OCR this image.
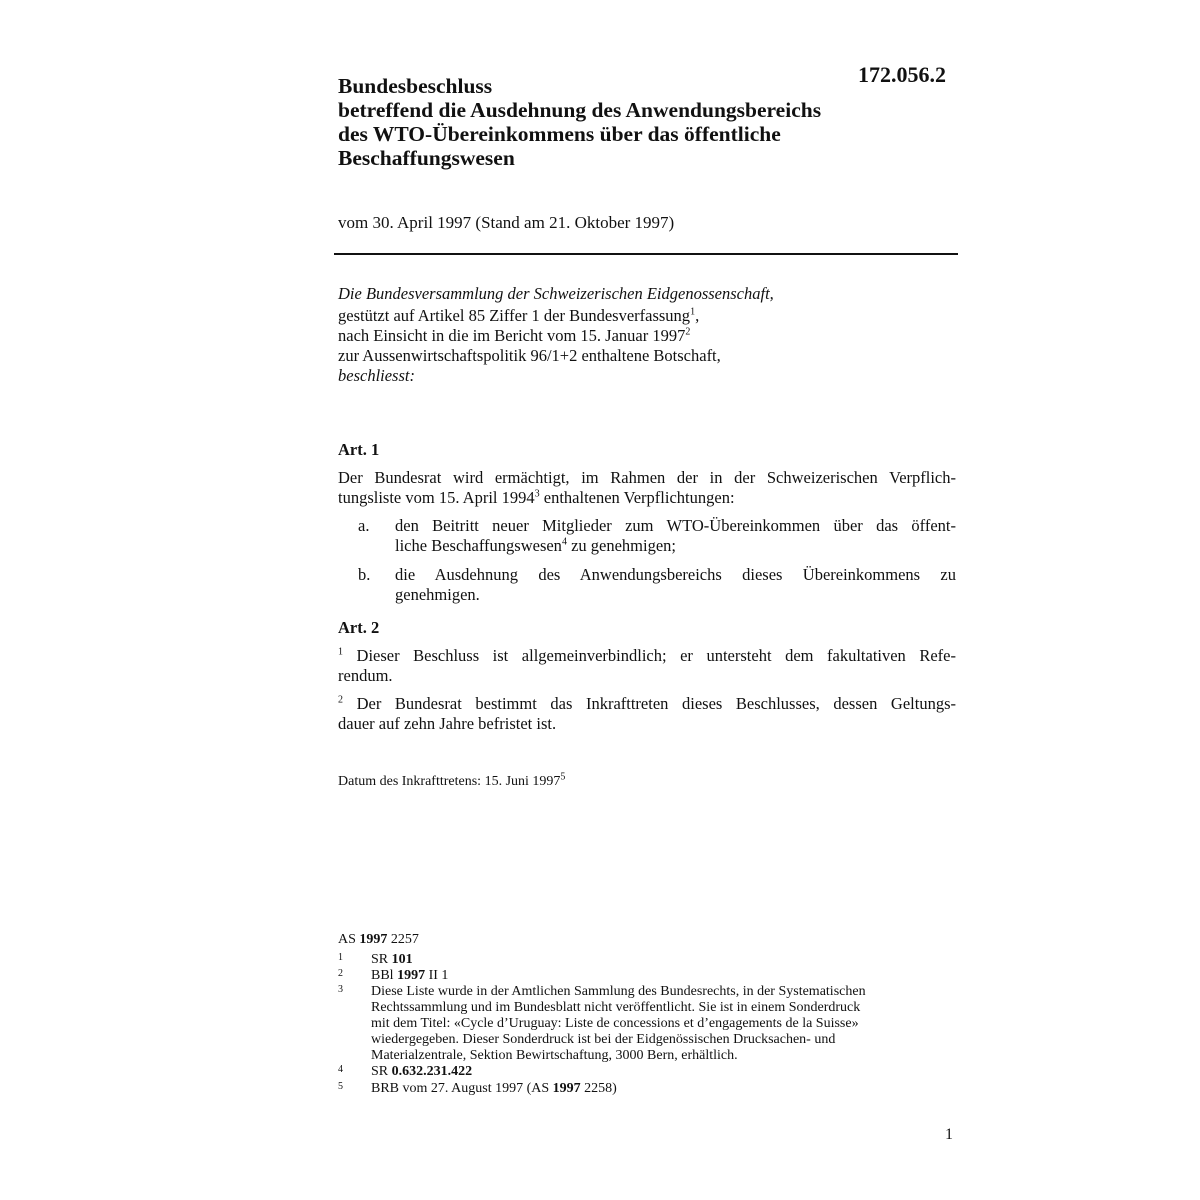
172.056.2
Bundesbeschluss
betreffend die Ausdehnung des Anwendungsbereichs
des WTO-Übereinkommens über das öffentliche
Beschaffungswesen
vom 30. April 1997 (Stand am 21. Oktober 1997)
Die Bundesversammlung der Schweizerischen Eidgenossenschaft,
gestützt auf Artikel 85 Ziffer 1 der Bundesverfassung$^1$,
nach Einsicht in die im Bericht vom 15. Januar 1997$^2$
zur Aussenwirtschaftspolitik 96/1+2 enthaltene Botschaft,
beschliesst:
Art. 1
Der Bundesrat wird ermächtigt, im Rahmen der in der Schweizerischen Verpflich-
tungsliste vom 15. April 1994$^3$ enthaltenen Verpflichtungen:
a. den Beitritt neuer Mitglieder zum WTO-Übereinkommen über das öffent-
liche Beschaffungswesen$^4$ zu genehmigen;
b. die Ausdehnung des Anwendungsbereichs dieses Übereinkommens zu
genehmigen.
Art. 2
$^1$ Dieser Beschluss ist allgemeinverbindlich; er untersteht dem fakultativen Refe-
rendum.
$^2$ Der Bundesrat bestimmt das Inkrafttreten dieses Beschlusses, dessen Geltungs-
dauer auf zehn Jahre befristet ist.
Datum des Inkrafttretens: 15. Juni 1997$^5$
AS 1997 2257
1 SR 101
2 BBl 1997 II 1
3 Diese Liste wurde in der Amtlichen Sammlung des Bundesrechts, in der Systematischen
Rechtssammlung und im Bundesblatt nicht veröffentlicht. Sie ist in einem Sonderdruck
mit dem Titel: «Cycle d’Uruguay: Liste de concessions et d’engagements de la Suisse»
wiedergegeben. Dieser Sonderdruck ist bei der Eidgenössischen Drucksachen- und
Materialzentrale, Sektion Bewirtschaftung, 3000 Bern, erhältlich.
4 SR 0.632.231.422
5 BRB vom 27. August 1997 (AS 1997 2258)
1
